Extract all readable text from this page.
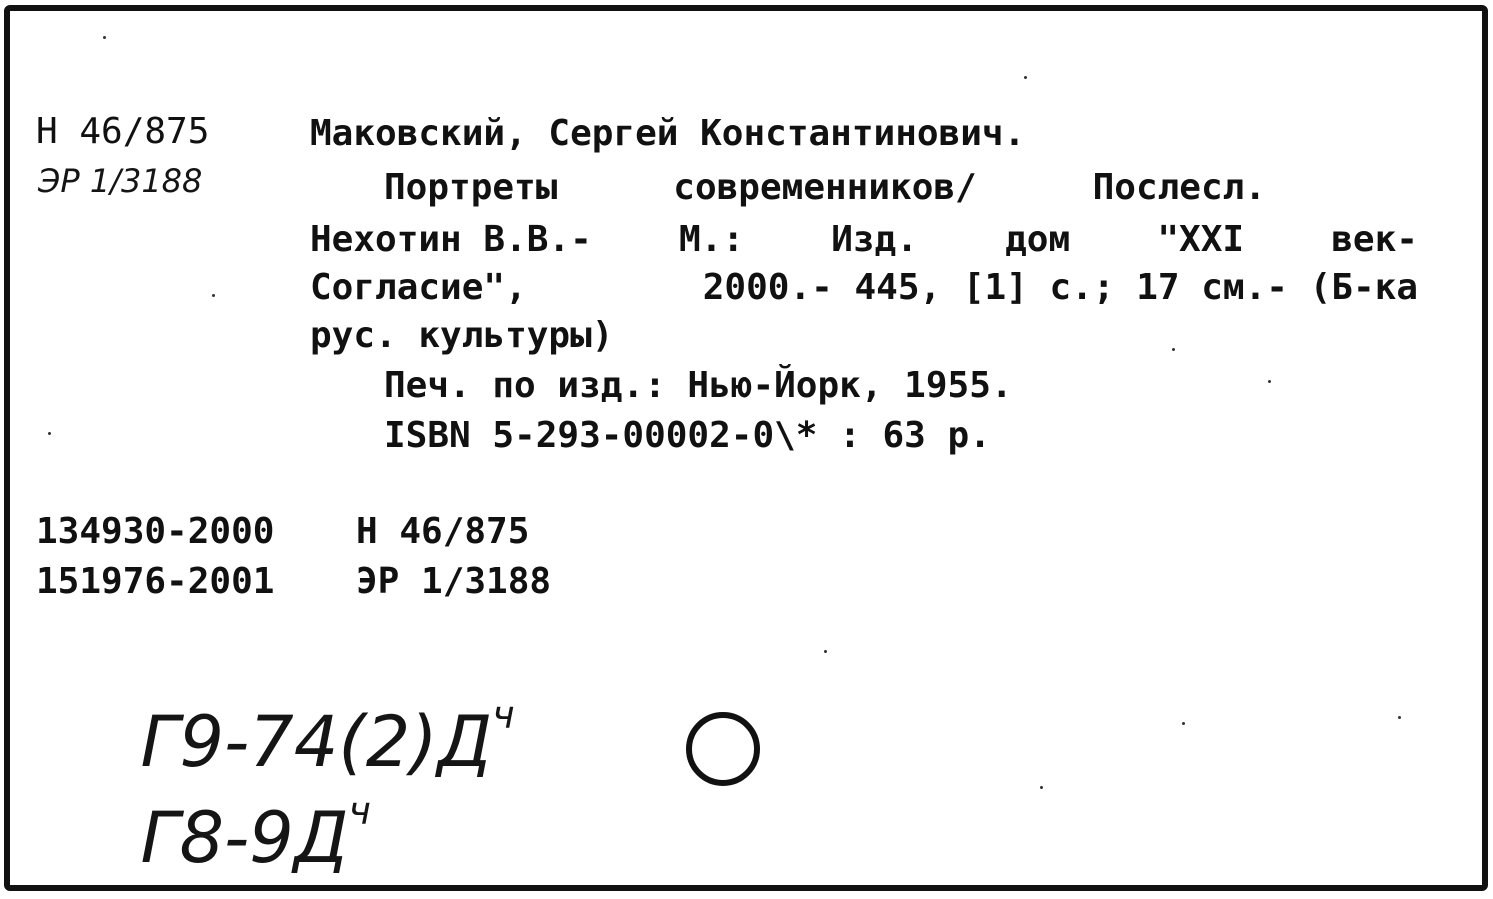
Н 46/875
ЭР 1/3188
Маковский, Сергей Константинович.
Портреты	современников/	Послесл.
Нехотин В.В.- М.: Изд. дом "XXI век-
Согласие",	2000.- 445, [1] с.; 17 см.- (Б-ка
рус. культуры)
Печ. по изд.: Нью-Йорк, 1955.
ISBN 5-293-00002-0\* : 63 р.
134930-2000 Н 46/875
151976-2001 ЭР 1/3188

$Г9-74(2)Д^ч$

$Г8-9Д^ч$
